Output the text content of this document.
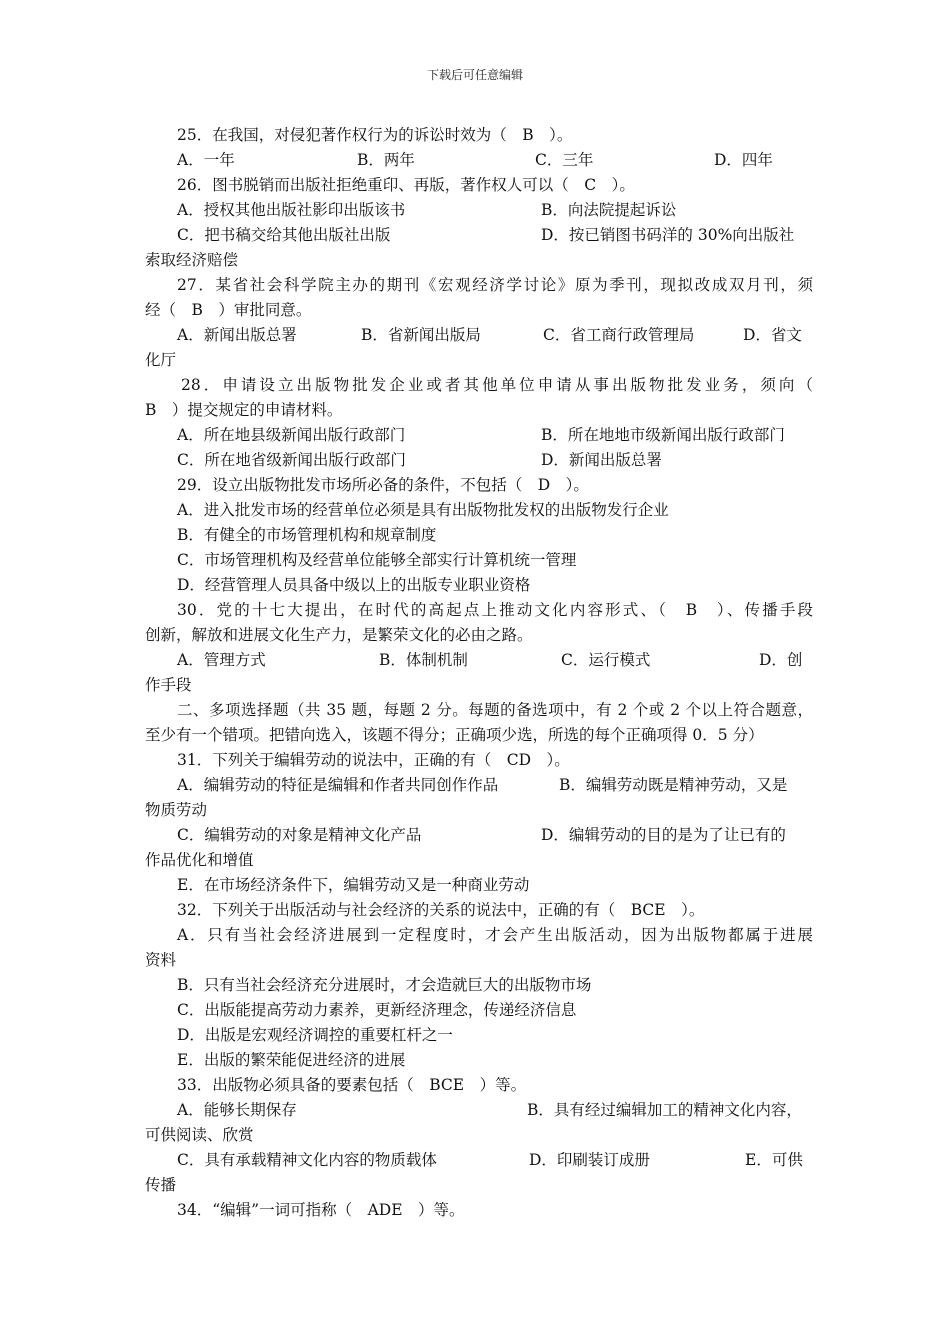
下载后可任意编辑
25．在我国，对侵犯著作权行为的诉讼时效为（　B　）。
A．一年	B．两年	C．三年	D．四年
26．图书脱销而出版社拒绝重印、再版，著作权人可以（　C　）。
A．授权其他出版社影印出版该书	B．向法院提起诉讼
C．把书稿交给其他出版社出版	D．按已销图书码洋的 30%向出版社
索取经济赔偿
27．某省社会科学院主办的期刊《宏观经济学讨论》原为季刊，现拟改成双月刊，须
经（　B　）审批同意。
A．新闻出版总署	B．省新闻出版局	C．省工商行政管理局	D．省文
化厅
28．申请设立出版物批发企业或者其他单位申请从事出版物批发业务，须向（
B　）提交规定的申请材料。
A．所在地县级新闻出版行政部门	B．所在地地市级新闻出版行政部门
C．所在地省级新闻出版行政部门	D．新闻出版总署
29．设立出版物批发市场所必备的条件，不包括（　D　）。
A．进入批发市场的经营单位必须是具有出版物批发权的出版物发行企业
B．有健全的市场管理机构和规章制度
C．市场管理机构及经营单位能够全部实行计算机统一管理
D．经营管理人员具备中级以上的出版专业职业资格
30．党的十七大提出，在时代的高起点上推动文化内容形式、（　B　）、传播手段
创新，解放和进展文化生产力，是繁荣文化的必由之路。
A．管理方式	B．体制机制	C．运行模式	D．创
作手段
二、多项选择题（共 35 题，每题 2 分。每题的备选项中，有 2 个或 2 个以上符合题意，
至少有一个错项。把错向选入，该题不得分；正确项少选，所选的每个正确项得 0．5 分）
31．下列关于编辑劳动的说法中，正确的有（　CD　）。
A．编辑劳动的特征是编辑和作者共同创作作品	B．编辑劳动既是精神劳动，又是
物质劳动
C．编辑劳动的对象是精神文化产品	D．编辑劳动的目的是为了让已有的
作品优化和增值
E．在市场经济条件下，编辑劳动又是一种商业劳动
32．下列关于出版活动与社会经济的关系的说法中，正确的有（　BCE　）。
A．只有当社会经济进展到一定程度时，才会产生出版活动，因为出版物都属于进展
资料
B．只有当社会经济充分进展时，才会造就巨大的出版物市场
C．出版能提高劳动力素养，更新经济理念，传递经济信息
D．出版是宏观经济调控的重要杠杆之一
E．出版的繁荣能促进经济的进展
33．出版物必须具备的要素包括（　BCE　）等。
A．能够长期保存	B．具有经过编辑加工的精神文化内容，
可供阅读、欣赏
C．具有承载精神文化内容的物质载体	D．印刷装订成册	E．可供
传播
34．“编辑”一词可指称（　ADE　）等。
